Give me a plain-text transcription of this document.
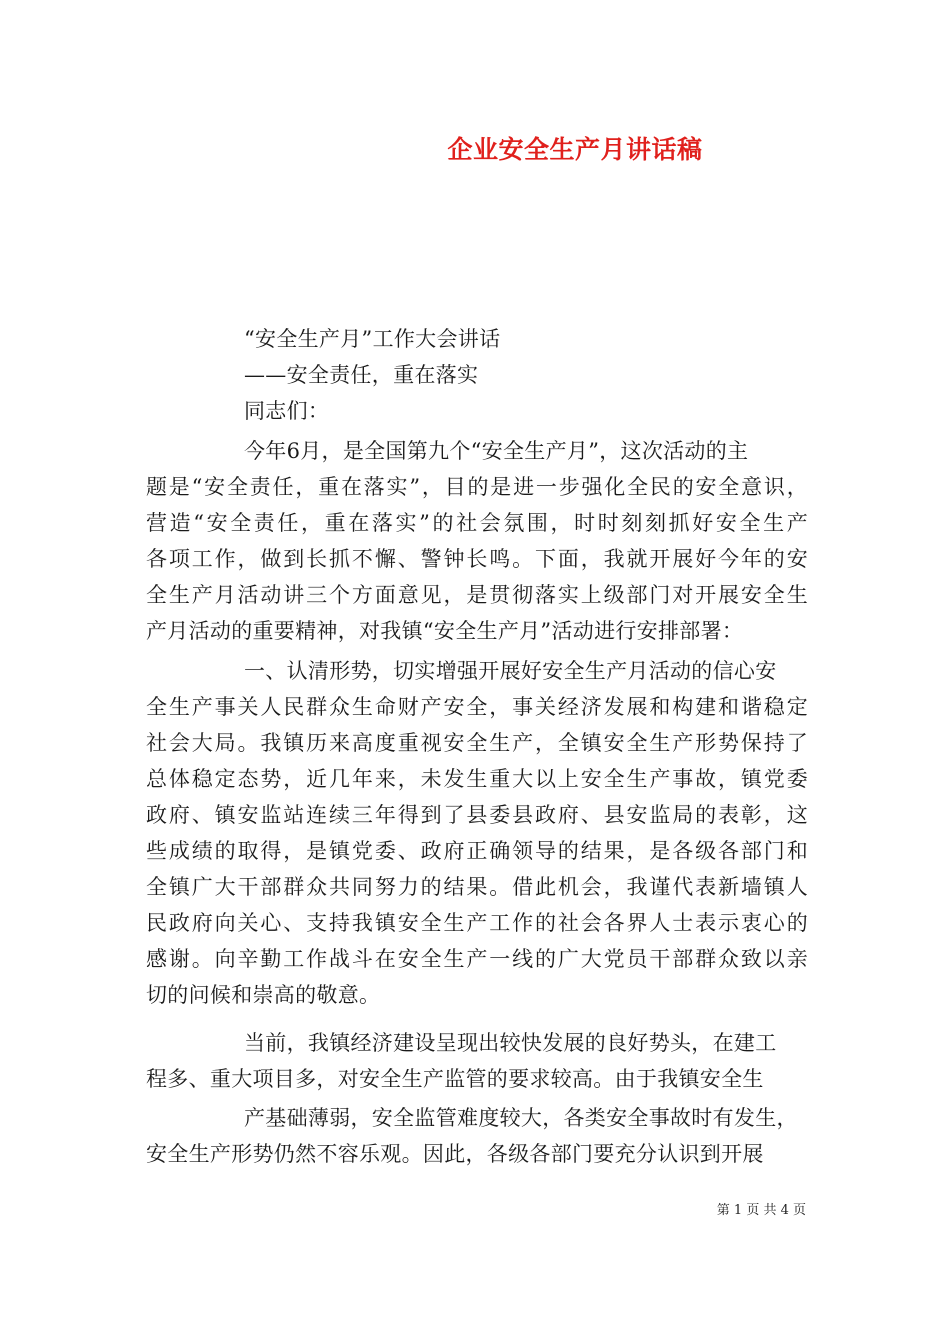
企业安全生产月讲话稿
“安全生产月”工作大会讲话
——安全责任，重在落实
同志们：
今年6月，是全国第九个“安全生产月”，这次活动的主
题是“安全责任，重在落实”，目的是进一步强化全民的安全意识，
营造“安全责任，重在落实”的社会氛围，时时刻刻抓好安全生产
各项工作，做到长抓不懈、警钟长鸣。下面，我就开展好今年的安
全生产月活动讲三个方面意见，是贯彻落实上级部门对开展安全生
产月活动的重要精神，对我镇“安全生产月”活动进行安排部署：
一、认清形势，切实增强开展好安全生产月活动的信心安
全生产事关人民群众生命财产安全，事关经济发展和构建和谐稳定
社会大局。我镇历来高度重视安全生产，全镇安全生产形势保持了
总体稳定态势，近几年来，未发生重大以上安全生产事故，镇党委
政府、镇安监站连续三年得到了县委县政府、县安监局的表彰，这
些成绩的取得，是镇党委、政府正确领导的结果，是各级各部门和
全镇广大干部群众共同努力的结果。借此机会，我谨代表新墙镇人
民政府向关心、支持我镇安全生产工作的社会各界人士表示衷心的
感谢。向辛勤工作战斗在安全生产一线的广大党员干部群众致以亲
切的问候和崇高的敬意。
当前，我镇经济建设呈现出较快发展的良好势头，在建工
程多、重大项目多，对安全生产监管的要求较高。由于我镇安全生
产基础薄弱，安全监管难度较大，各类安全事故时有发生，
安全生产形势仍然不容乐观。因此，各级各部门要充分认识到开展
第 1 页 共 4 页
